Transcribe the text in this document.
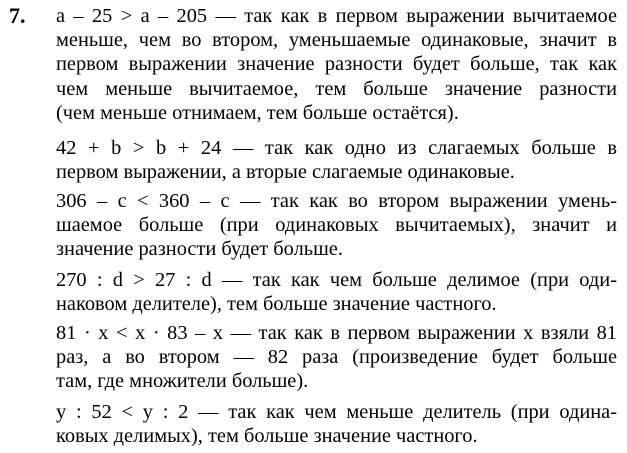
7. a – 25 > a – 205 — так как в первом выражении вычитаемое
меньше, чем во втором, уменьшаемые одинаковые, значит в
первом выражении значение разности будет больше, так как
чем меньше вычитаемое, тем больше значение разности
(чем меньше отнимаем, тем больше остаётся).
42 + b > b + 24 — так как одно из слагаемых больше в
первом выражении, а вторые слагаемые одинаковые.
306 – c < 360 – c — так как во втором выражении умень-
шаемое больше (при одинаковых вычитаемых), значит и
значение разности будет больше.
270 : d > 27 : d — так как чем больше делимое (при оди-
наковом делителе), тем больше значение частного.
81 · x < x · 83 – x — так как в первом выражении x взяли 81
раз, а во втором — 82 раза (произведение будет больше
там, где множители больше).
y : 52 < y : 2 — так как чем меньше делитель (при одина-
ковых делимых), тем больше значение частного.
